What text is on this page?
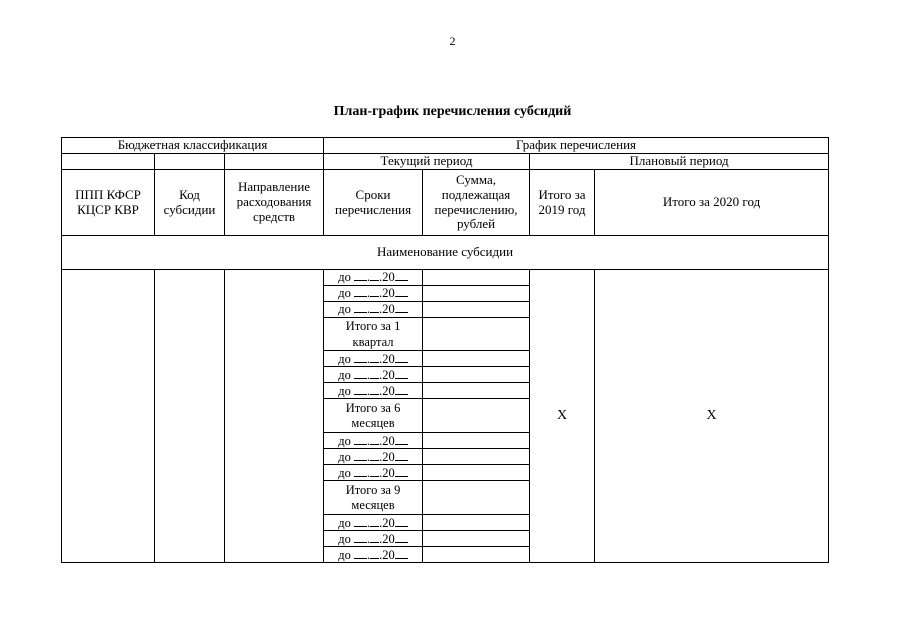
2
План-график перечисления субсидий
Бюджетная классификация			График перечисления			
			Текущий период		Плановый период	
ППП КФСР КЦСР КВР	Код субсидии	Направление расходования средств	Сроки перечисления	Сумма, подлежащая перечислению, рублей	Итого за 2019 год	Итого за 2020 год
Наименование субсидии						
			до . .20		Х	Х
			до . .20			
			до . .20			
			Итого за 1 квартал			
			до . .20			
			до . .20			
			до . .20			
			Итого за 6 месяцев			
			до . .20			
			до . .20			
			до . .20			
			Итого за 9 месяцев			
			до . .20			
			до . .20			
			до . .20			
